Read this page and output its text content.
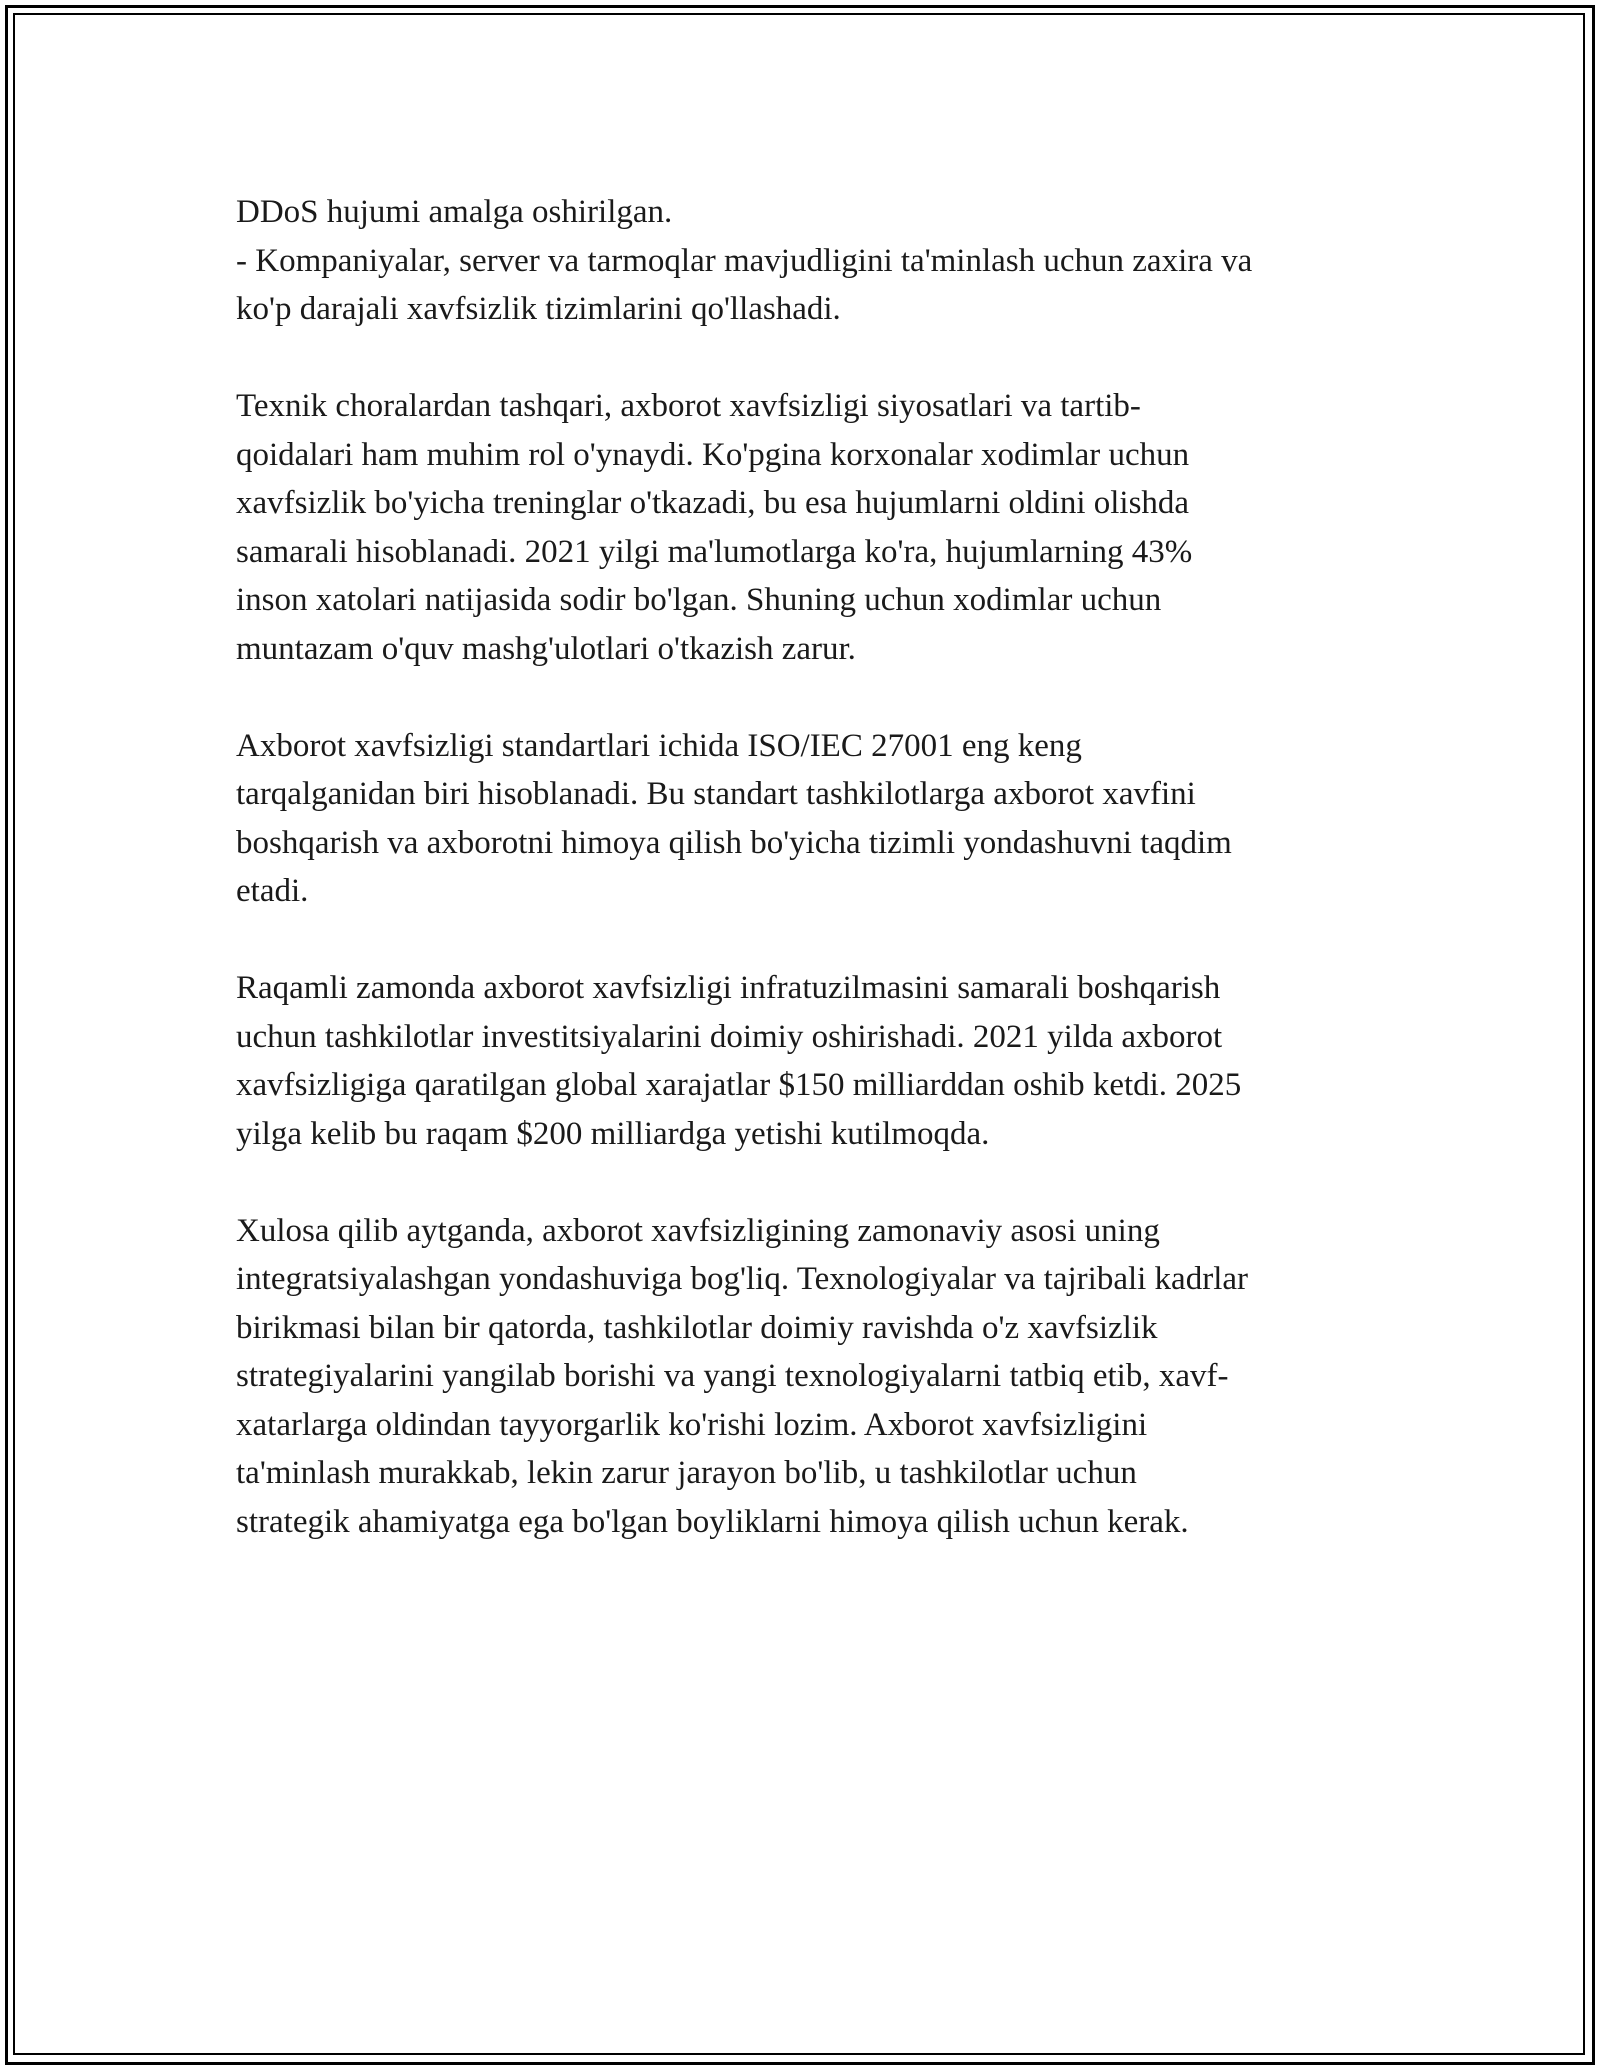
DDoS hujumi amalga oshirilgan.
- Kompaniyalar, server va tarmoqlar mavjudligini ta'minlash uchun zaxira va
ko'p darajali xavfsizlik tizimlarini qo'llashadi.

Texnik choralardan tashqari, axborot xavfsizligi siyosatlari va tartib-
qoidalari ham muhim rol o'ynaydi. Ko'pgina korxonalar xodimlar uchun
xavfsizlik bo'yicha treninglar o'tkazadi, bu esa hujumlarni oldini olishda
samarali hisoblanadi. 2021 yilgi ma'lumotlarga ko'ra, hujumlarning 43%
inson xatolari natijasida sodir bo'lgan. Shuning uchun xodimlar uchun
muntazam o'quv mashg'ulotlari o'tkazish zarur.

Axborot xavfsizligi standartlari ichida ISO/IEC 27001 eng keng
tarqalganidan biri hisoblanadi. Bu standart tashkilotlarga axborot xavfini
boshqarish va axborotni himoya qilish bo'yicha tizimli yondashuvni taqdim
etadi.

Raqamli zamonda axborot xavfsizligi infratuzilmasini samarali boshqarish
uchun tashkilotlar investitsiyalarini doimiy oshirishadi. 2021 yilda axborot
xavfsizligiga qaratilgan global xarajatlar $150 milliarddan oshib ketdi. 2025
yilga kelib bu raqam $200 milliardga yetishi kutilmoqda.

Xulosa qilib aytganda, axborot xavfsizligining zamonaviy asosi uning
integratsiyalashgan yondashuviga bog'liq. Texnologiyalar va tajribali kadrlar
birikmasi bilan bir qatorda, tashkilotlar doimiy ravishda o'z xavfsizlik
strategiyalarini yangilab borishi va yangi texnologiyalarni tatbiq etib, xavf-
xatarlarga oldindan tayyorgarlik ko'rishi lozim. Axborot xavfsizligini
ta'minlash murakkab, lekin zarur jarayon bo'lib, u tashkilotlar uchun
strategik ahamiyatga ega bo'lgan boyliklarni himoya qilish uchun kerak.
